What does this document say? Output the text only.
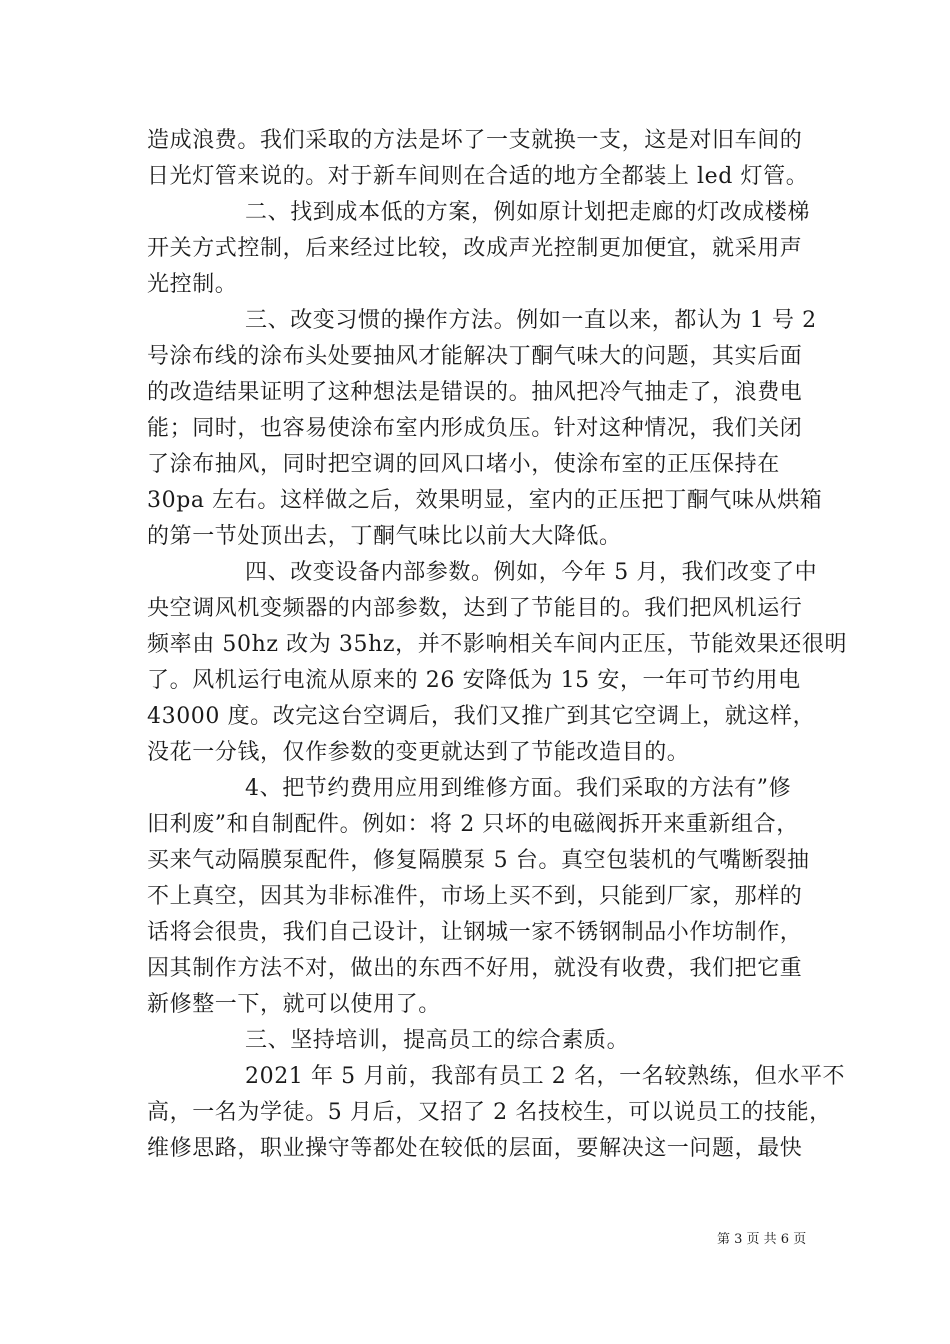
造成浪费。我们采取的方法是坏了一支就换一支，这是对旧车间的
日光灯管来说的。对于新车间则在合适的地方全都装上 led 灯管。
二、找到成本低的方案，例如原计划把走廊的灯改成楼梯
开关方式控制，后来经过比较，改成声光控制更加便宜，就采用声
光控制。
三、改变习惯的操作方法。例如一直以来，都认为 1 号 2
号涂布线的涂布头处要抽风才能解决丁酮气味大的问题，其实后面
的改造结果证明了这种想法是错误的。抽风把冷气抽走了，浪费电
能；同时，也容易使涂布室内形成负压。针对这种情况，我们关闭
了涂布抽风，同时把空调的回风口堵小，使涂布室的正压保持在
30pa 左右。这样做之后，效果明显，室内的正压把丁酮气味从烘箱
的第一节处顶出去，丁酮气味比以前大大降低。
四、改变设备内部参数。例如，今年 5 月，我们改变了中
央空调风机变频器的内部参数，达到了节能目的。我们把风机运行
频率由 50hz 改为 35hz，并不影响相关车间内正压，节能效果还很明
了。风机运行电流从原来的 26 安降低为 15 安，一年可节约用电
43000 度。改完这台空调后，我们又推广到其它空调上，就这样，
没花一分钱，仅作参数的变更就达到了节能改造目的。
4、把节约费用应用到维修方面。我们采取的方法有”修
旧利废”和自制配件。例如：将 2 只坏的电磁阀拆开来重新组合，
买来气动隔膜泵配件，修复隔膜泵 5 台。真空包装机的气嘴断裂抽
不上真空，因其为非标准件，市场上买不到，只能到厂家，那样的
话将会很贵，我们自己设计，让钢城一家不锈钢制品小作坊制作，
因其制作方法不对，做出的东西不好用，就没有收费，我们把它重
新修整一下，就可以使用了。
三、坚持培训，提高员工的综合素质。
2021 年 5 月前，我部有员工 2 名，一名较熟练，但水平不
高，一名为学徒。5 月后，又招了 2 名技校生，可以说员工的技能，
维修思路，职业操守等都处在较低的层面，要解决这一问题，最快
第 3 页 共 6 页
